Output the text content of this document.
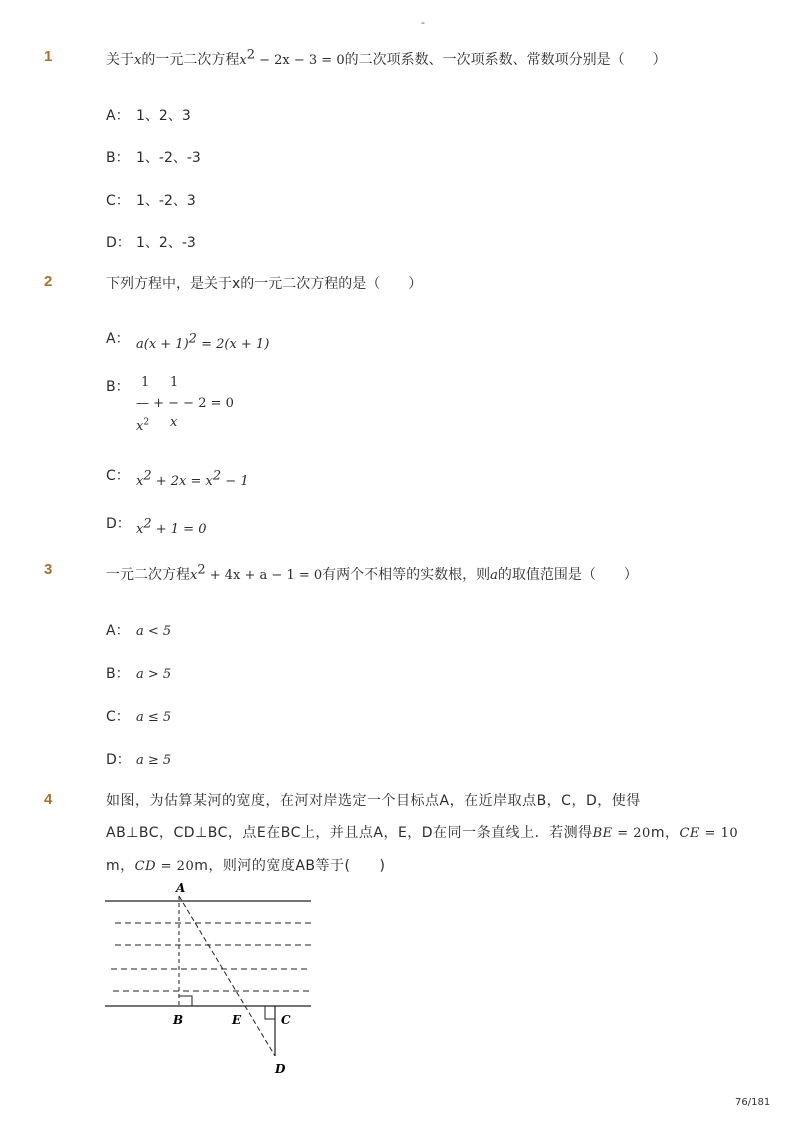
-
1	关于x的一元二次方程$x^2 - 2x - 3 = 0$的二次项系数、一次项系数、常数项分别是（　　）
A： 1、2、3
B： 1、-2、-3
C： 1、-2、3
D： 1、2、-3
2	下列方程中，是关于x的一元二次方程的是（　　）
A： $a(x + 1)^2 = 2(x + 1)$
B： 1 1
— + − − 2 = 0
$x^2$ x
C： $x^2 + 2x = x^2 - 1$
D： $x^2 + 1 = 0$
3	一元二次方程$x^2 + 4x + a - 1 = 0$有两个不相等的实数根，则a的取值范围是（　　）
A： a < 5
B： a > 5
C： a ≤ 5
D： a ≥ 5
4	如图，为估算某河的宽度，在河对岸选定一个目标点A，在近岸取点B，C，D，使得
AB⊥BC，CD⊥BC，点E在BC上，并且点A，E，D在同一条直线上．若测得BE = 20m，CE = 10
m，CD = 20m，则河的宽度AB等于(　　)
A
B	E	C
D
76/181
